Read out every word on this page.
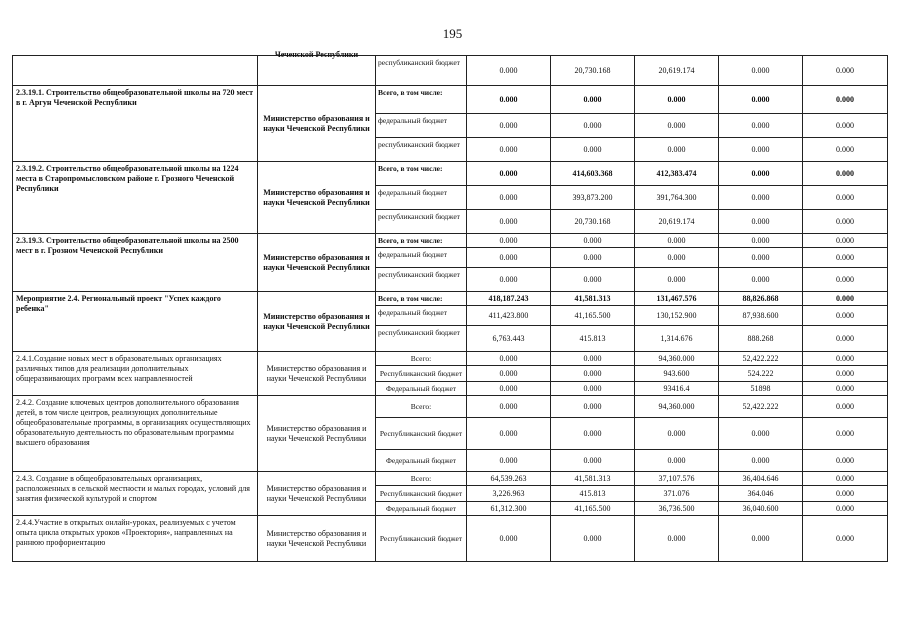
195

	Чеченской Республики	республиканский бюджет	0.000	20,730.168	20,619.174	0.000	0.000
2.3.19.1. Строительство общеобразовательной школы на 720 мест в г. Аргун Чеченской Республики	Министерство образования и науки Чеченской Республики	Всего, в том числе:	0.000	0.000	0.000	0.000	0.000
		федеральный бюджет	0.000	0.000	0.000	0.000	0.000
		республиканский бюджет	0.000	0.000	0.000	0.000	0.000
2.3.19.2. Строительство общеобразовательной школы на 1224 места в Старопромысловском районе г. Грозного Чеченской Республики	Министерство образования и науки Чеченской Республики	Всего, в том числе:	0.000	414,603.368	412,383.474	0.000	0.000
		федеральный бюджет	0.000	393,873.200	391,764.300	0.000	0.000
		республиканский бюджет	0.000	20,730.168	20,619.174	0.000	0.000
2.3.19.3. Строительство общеобразовательной школы на 2500 мест в г. Грозном Чеченской Республики	Министерство образования и науки Чеченской Республики	Всего, в том числе:	0.000	0.000	0.000	0.000	0.000
		федеральный бюджет	0.000	0.000	0.000	0.000	0.000
		республиканский бюджет	0.000	0.000	0.000	0.000	0.000
Мероприятие 2.4. Региональный проект "Успех каждого ребенка"	Министерство образования и науки Чеченской Республики	Всего, в том числе:	418,187.243	41,581.313	131,467.576	88,826.868	0.000
		федеральный бюджет	411,423.800	41,165.500	130,152.900	87,938.600	0.000
		республиканский бюджет	6,763.443	415.813	1,314.676	888.268	0.000
2.4.1.Создание новых мест в образовательных организациях различных типов для реализации дополнительных общеразвивающих программ всех направленностей	Министерство образования и науки Чеченской Республики	Всего:	0.000	0.000	94,360.000	52,422.222	0.000
		Республиканский бюджет	0.000	0.000	943.600	524.222	0.000
		Федеральный бюджет	0.000	0.000	93416.4	51898	0.000
2.4.2. Создание ключевых центров дополнительного образования детей, в том числе центров, реализующих дополнительные общеобразовательные программы, в организациях осуществляющих образовательную деятельность по образовательным программы высшего образования	Министерство образования и науки Чеченской Республики	Всего:	0.000	0.000	94,360.000	52,422.222	0.000
		Республиканский бюджет	0.000	0.000	0.000	0.000	0.000
		Федеральный бюджет	0.000	0.000	0.000	0.000	0.000
2.4.3. Создание в общеобразовательных организациях, расположенных в сельской местности и малых городах, условий для занятия физической культурой и спортом	Министерство образования и науки Чеченской Республики	Всего:	64,539.263	41,581.313	37,107.576	36,404.646	0.000
		Республиканский бюджет	3,226.963	415.813	371.076	364.046	0.000
		Федеральный бюджет	61,312.300	41,165.500	36,736.500	36,040.600	0.000
2.4.4.Участие в открытых онлайн-уроках, реализуемых с учетом опыта цикла открытых уроков «Проектория», направленных на раннюю профориентацию	Министерство образования и науки Чеченской Республики	Республиканский бюджет	0.000	0.000	0.000	0.000	0.000
